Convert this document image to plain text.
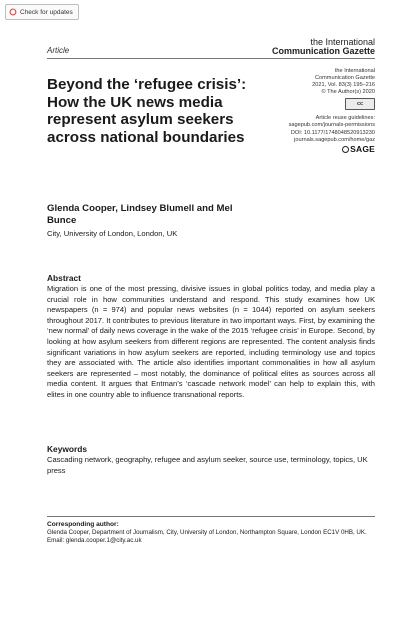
Check for updates
Article
the International
Communication Gazette
the International
Communication Gazette
2021, Vol. 83(3) 195–216
© The Author(s) 2020
cc
Article reuse guidelines:
sagepub.com/journals-permissions
DOI: 10.1177/1748048520913230
journals.sagepub.com/home/gaz
SAGE
Beyond the ‘refugee crisis’: How the UK news media represent asylum seekers across national boundaries
Glenda Cooper, Lindsey Blumell and Mel Bunce
City, University of London, London, UK
Abstract

Migration is one of the most pressing, divisive issues in global politics today, and media play a crucial role in how communities understand and respond. This study examines how UK newspapers (n = 974) and popular news websites (n = 1044) reported on asylum seekers throughout 2017. It contributes to previous literature in two important ways. First, by examining the ‘new normal’ of daily news coverage in the wake of the 2015 ‘refugee crisis’ in Europe. Second, by looking at how asylum seekers from different regions are represented. The content analysis finds significant variations in how asylum seekers are reported, including terminology use and topics they are associated with. The article also identifies important commonalities in how all asylum seekers are represented – most notably, the dominance of political elites as sources across all media content. It argues that Entman’s ‘cascade network model’ can help to explain this, with elites in one country able to influence transnational reports.

Keywords

Cascading network, geography, refugee and asylum seeker, source use, terminology, topics, UK press

Corresponding author:
Glenda Cooper, Department of Journalism, City, University of London, Northampton Square, London EC1V 0HB, UK.
Email: glenda.cooper.1@city.ac.uk
